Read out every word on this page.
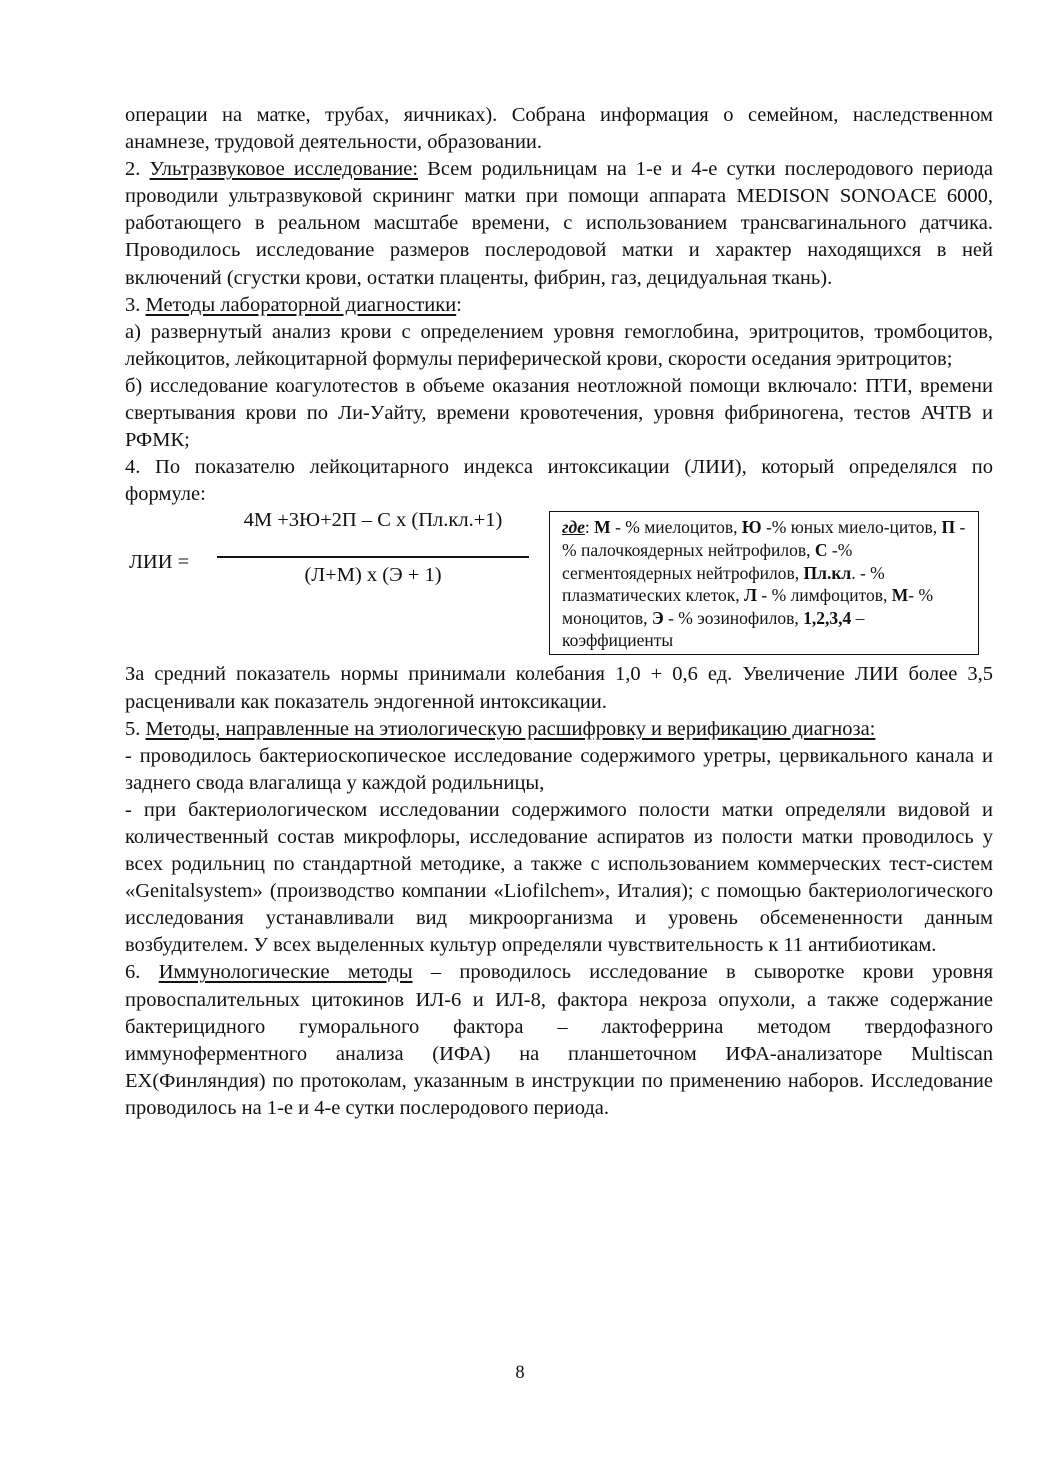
операции на матке, трубах, яичниках). Собрана информация о семейном, наследственном анамнезе, трудовой деятельности, образовании.

2. Ультразвуковое исследование: Всем родильницам на 1-е и 4-е сутки послеродового периода проводили ультразвуковой скрининг матки при помощи аппарата MEDISON SONOACE 6000, работающего в реальном масштабе времени, с использованием трансвагинального датчика. Проводилось исследование размеров послеродовой матки и характер находящихся в ней включений (сгустки крови, остатки плаценты, фибрин, газ, децидуальная ткань).

3. Методы лабораторной диагностики:

а) развернутый анализ крови с определением уровня гемоглобина, эритроцитов, тромбоцитов, лейкоцитов, лейкоцитарной формулы периферической крови, скорости оседания эритроцитов;

б) исследование коагулотестов в объеме оказания неотложной помощи включало: ПТИ, времени свертывания крови по Ли-Уайту, времени кровотечения, уровня фибриногена, тестов АЧТВ и РФМК;

4. По показателю лейкоцитарного индекса интоксикации (ЛИИ), который определялся по формуле:

ЛИИ =
4М +3Ю+2П – С х (Пл.кл.+1)
(Л+М) х (Э + 1)
где: М - % миелоцитов, Ю -% юных миело-цитов, П -% палочкоядерных нейтрофилов, С -% сегментоядерных нейтрофилов, Пл.кл. - % плазматических клеток, Л - % лимфоцитов, М- % моноцитов, Э - % эозинофилов, 1,2,3,4 – коэффициенты

За средний показатель нормы принимали колебания 1,0 + 0,6 ед. Увеличение ЛИИ более 3,5 расценивали как показатель эндогенной интоксикации.

5. Методы, направленные на этиологическую расшифровку и верификацию диагноза:

- проводилось бактериоскопическое исследование содержимого уретры, цервикального канала и заднего свода влагалища у каждой родильницы,

- при бактериологическом исследовании содержимого полости матки определяли видовой и количественный состав микрофлоры, исследование аспиратов из полости матки проводилось у всех родильниц по стандартной методике, а также с использованием коммерческих тест-систем «Genitalsystem» (производство компании «Liofilchem», Италия); с помощью бактериологического исследования устанавливали вид микроорганизма и уровень обсемененности данным возбудителем. У всех выделенных культур определяли чувствительность к 11 антибиотикам.

6. Иммунологические методы – проводилось исследование в сыворотке крови уровня провоспалительных цитокинов ИЛ-6 и ИЛ-8, фактора некроза опухоли, а также содержание бактерицидного гуморального фактора – лактоферрина методом твердофазного иммуноферментного анализа (ИФА) на планшеточном ИФА-анализаторе Multiscan EX(Финляндия) по протоколам, указанным в инструкции по применению наборов. Исследование проводилось на 1-е и 4-е сутки послеродового периода.

8
